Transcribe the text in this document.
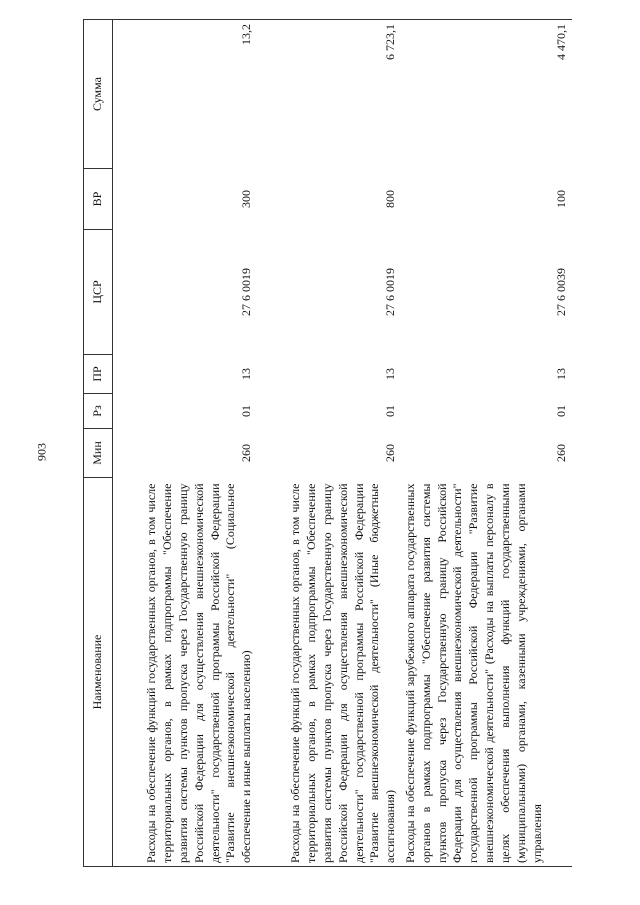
903
Наименование	Мин	Рз	ПР	ЦСР	ВР	Сумма
Расходы на обеспечение функций государственных органов, в том числе территориальных органов, в рамках подпрограммы "Обеспечение развития системы пунктов пропуска через Государственную границу Российской Федерации для осуществления внешнеэкономической деятельности" государственной программы Российской Федерации "Развитие внешнеэкономической деятельности" (Социальное обеспечение и иные выплаты населению)	260	01	13	27 6 0019	300	13,2
Расходы на обеспечение функций государственных органов, в том числе территориальных органов, в рамках подпрограммы "Обеспечение развития системы пунктов пропуска через Государственную границу Российской Федерации для осуществления внешнеэкономической деятельности" государственной программы Российской Федерации "Развитие внешнеэкономической деятельности" (Иные бюджетные ассигнования)	260	01	13	27 6 0019	800	6 723,1

Расходы на обеспечение функций зарубежного аппарата государственных органов в рамках подпрограммы "Обеспечение развития системы пунктов пропуска через Государственную границу Российской Федерации для осуществления внешнеэкономической деятельности" государственной программы Российской Федерации "Развитие внешнеэкономической деятельности" (Расходы на выплаты персоналу в целях обеспечения выполнения функций государственными (муниципальными) органами, казенными учреждениями, органами управления	260	01	13	27 6 0039	100	4 470,1
